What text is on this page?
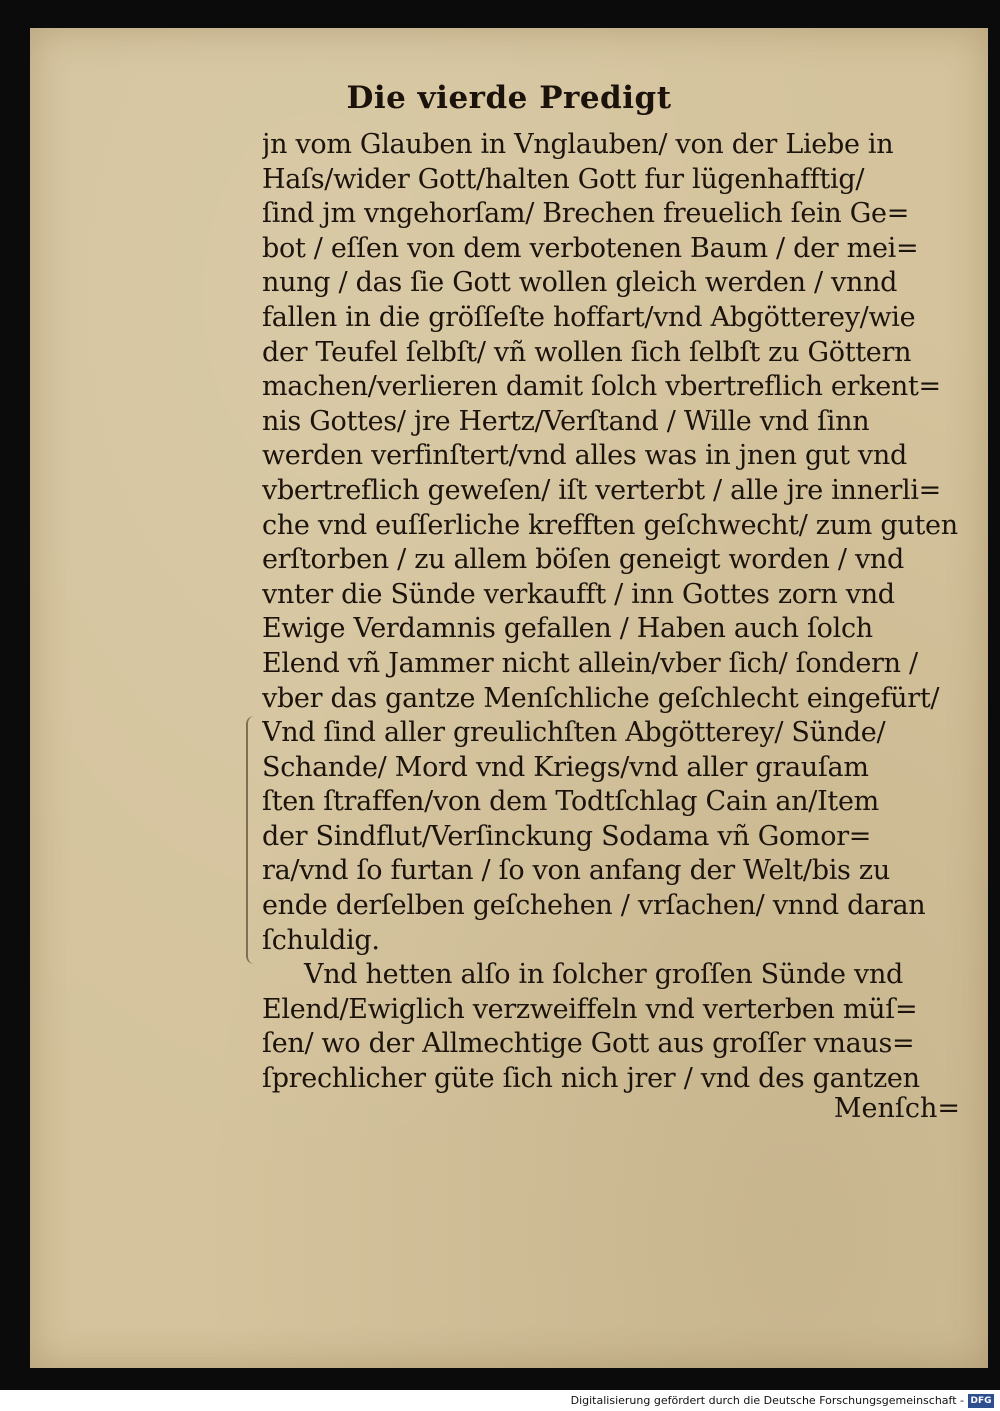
Die vierde Predigt
jn vom Glauben in Vnglauben/ von der Liebe in
Haſs/wider Gott/halten Gott fur lügenhafftig/
ſind jm vngehorſam/ Brechen freuelich ſein Ge=
bot / eſſen von dem verbotenen Baum / der mei=
nung / das ſie Gott wollen gleich werden / vnnd
fallen in die gröſſeſte hoffart/vnd Abgötterey/wie
der Teufel ſelbſt/ vñ wollen ſich ſelbſt zu Göttern
machen/verlieren damit ſolch vbertreflich erkent=
nis Gottes/ jre Hertz/Verſtand / Wille vnd ſinn
werden verfinſtert/vnd alles was in jnen gut vnd
vbertreflich geweſen/ iſt verterbt / alle jre innerli=
che vnd euſſerliche krefften geſchwecht/ zum guten
erſtorben / zu allem böſen geneigt worden / vnd
vnter die Sünde verkaufft / inn Gottes zorn vnd
Ewige Verdamnis gefallen / Haben auch ſolch
Elend vñ Jammer nicht allein/vber ſich/ ſondern /
vber das gantze Menſchliche geſchlecht eingefürt/
Vnd ſind aller greulichſten Abgötterey/ Sünde/
Schande/ Mord vnd Kriegs/vnd aller grauſam
ſten ſtraffen/von dem Todtſchlag Cain an/Item
der Sindflut/Verſinckung Sodama vñ Gomor=
ra/vnd ſo furtan / ſo von anfang der Welt/bis zu
ende derſelben geſchehen / vrſachen/ vnnd daran
ſchuldig.
Vnd hetten alſo in ſolcher groſſen Sünde vnd
Elend/Ewiglich verzweiffeln vnd verterben müſ=
ſen/ wo der Allmechtige Gott aus groſſer vnaus=
ſprechlicher güte ſich nich jrer / vnd des gantzen
Menſch=
Digitalisierung gefördert durch die Deutsche Forschungsgemeinschaft - DFG
